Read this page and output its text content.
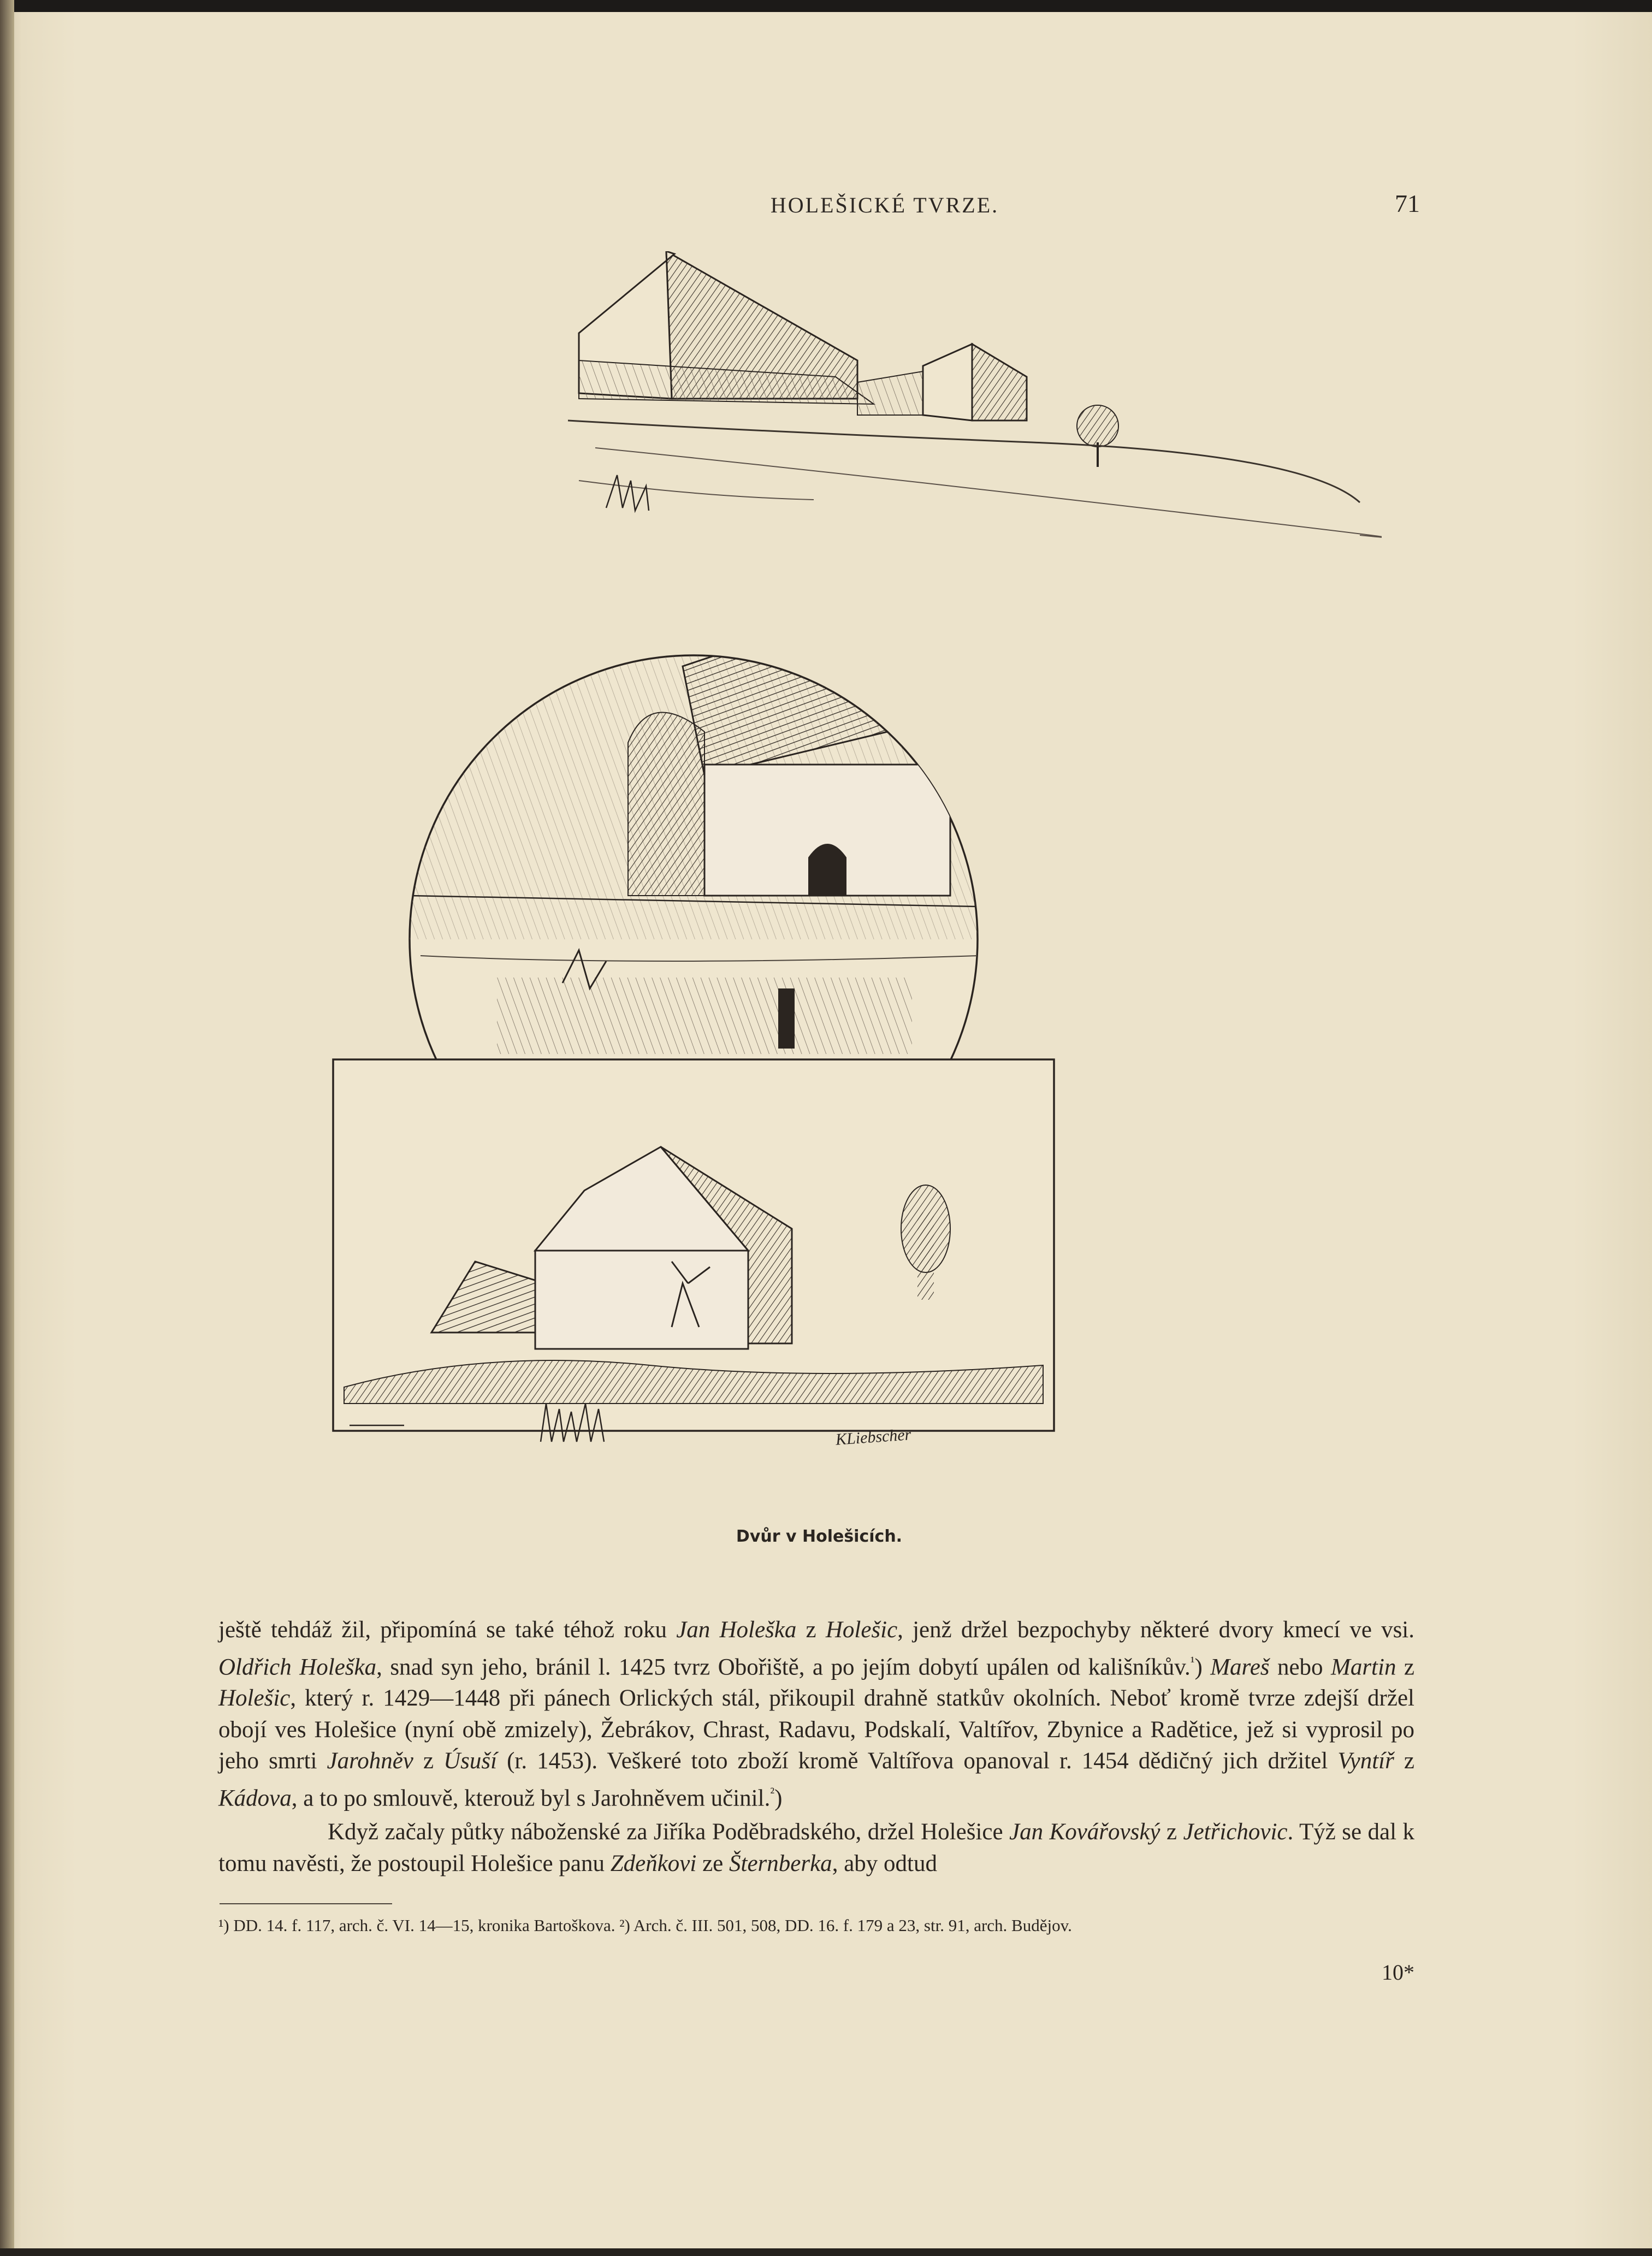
HOLEŠICKÉ TVRZE.	71
KLiebscher
Dvůr v Holešicích.

ještě tehdáž žil, připomíná se také téhož roku Jan Holeška z Holešic, jenž držel bezpochyby některé dvory kmecí ve vsi. Oldřich Holeška, snad syn jeho, bránil l. 1425 tvrz Obořiště, a po jejím dobytí upálen od kališníkův.$^{^1}$) Mareš nebo Martin z Holešic, který r. 1429—1448 při pánech Orlických stál, přikoupil drahně statkův okolních. Neboť kromě tvrze zdejší držel obojí ves Holešice (nyní obě zmizely), Žebrákov, Chrast, Radavu, Podskalí, Valtířov, Zbynice a Radětice, jež si vyprosil po jeho smrti Jarohněv z Úsuší (r. 1453). Veškeré toto zboží kromě Valtířova opanoval r. 1454 dědičný jich držitel Vyntíř z Kádova, a to po smlouvě, kterouž byl s Jarohněvem učinil.$^{^2}$)

Když začaly půtky náboženské za Jiříka Poděbradského, držel Holešice Jan Kovářovský z Jetřichovic. Týž se dal k tomu navěsti, že postoupil Holešice panu Zdeňkovi ze Šternberka, aby odtud

¹) DD. 14. f. 117, arch. č. VI. 14—15, kronika Bartoškova. ²) Arch. č. III. 501, 508, DD. 16. f. 179 a 23, str. 91, arch. Budějov.
10*
